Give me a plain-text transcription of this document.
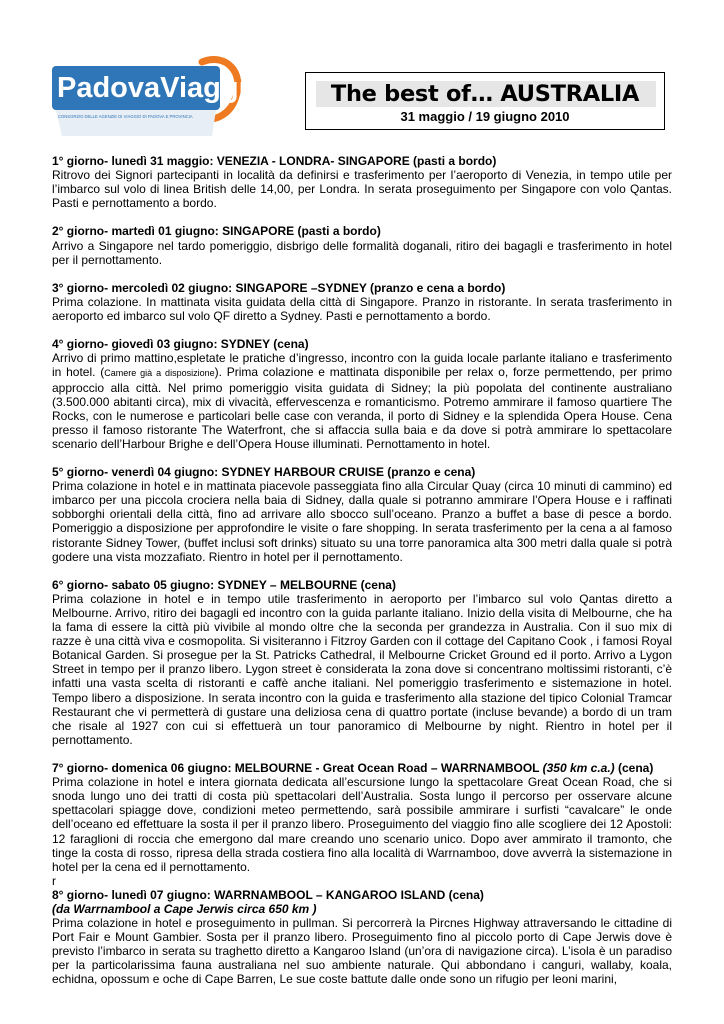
PadovaViaggi
CONSORZIO DELLE AGENZIE DI VIAGGIO DI PADOVA E PROVINCIA
The best of… AUSTRALIA
31 maggio / 19 giugno 2010
1° giorno- lunedì 31 maggio: VENEZIA - LONDRA- SINGAPORE (pasti a bordo)
Ritrovo dei Signori partecipanti in località da definirsi e trasferimento per l’aeroporto di Venezia, in tempo utile per l’imbarco sul volo di linea British delle 14,00, per Londra. In serata proseguimento per Singapore con volo Qantas. Pasti e pernottamento a bordo.
2° giorno- martedì 01 giugno: SINGAPORE (pasti a bordo)
Arrivo a Singapore nel tardo pomeriggio, disbrigo delle formalità doganali, ritiro dei bagagli e trasferimento in hotel per il pernottamento.
3° giorno- mercoledì 02 giugno: SINGAPORE –SYDNEY (pranzo e cena a bordo)
Prima colazione. In mattinata visita guidata della città di Singapore. Pranzo in ristorante. In serata trasferimento in aeroporto ed imbarco sul volo QF diretto a Sydney. Pasti e pernottamento a bordo.
4° giorno- giovedì 03 giugno: SYDNEY (cena)
Arrivo di primo mattino,espletate le pratiche d’ingresso, incontro con la guida locale parlante italiano e trasferimento in hotel. (Camere già a disposizione). Prima colazione e mattinata disponibile per relax o, forze permettendo, per primo approccio alla città. Nel primo pomeriggio visita guidata di Sidney; la più popolata del continente australiano (3.500.000 abitanti circa), mix di vivacità, effervescenza e romanticismo. Potremo ammirare il famoso quartiere The Rocks, con le numerose e particolari belle case con veranda, il porto di Sidney e la splendida Opera House. Cena presso il famoso ristorante The Waterfront, che si affaccia sulla baia e da dove si potrà ammirare lo spettacolare scenario dell’Harbour Brighe e dell’Opera House illuminati. Pernottamento in hotel.
5° giorno- venerdì 04 giugno: SYDNEY HARBOUR CRUISE (pranzo e cena)
Prima colazione in hotel e in mattinata piacevole passeggiata fino alla Circular Quay (circa 10 minuti di cammino) ed imbarco per una piccola crociera nella baia di Sidney, dalla quale si potranno ammirare l’Opera House e i raffinati sobborghi orientali della città, fino ad arrivare allo sbocco sull’oceano. Pranzo a buffet a base di pesce a bordo. Pomeriggio a disposizione per approfondire le visite o fare shopping. In serata trasferimento per la cena a al famoso ristorante Sidney Tower, (buffet inclusi soft drinks) situato su una torre panoramica alta 300 metri dalla quale si potrà godere una vista mozzafiato. Rientro in hotel per il pernottamento.
6° giorno- sabato 05 giugno: SYDNEY – MELBOURNE (cena)
Prima colazione in hotel e in tempo utile trasferimento in aeroporto per l’imbarco sul volo Qantas diretto a Melbourne. Arrivo, ritiro dei bagagli ed incontro con la guida parlante italiano. Inizio della visita di Melbourne, che ha la fama di essere la città più vivibile al mondo oltre che la seconda per grandezza in Australia. Con il suo mix di razze è una città viva e cosmopolita. Si visiteranno i Fitzroy Garden con il cottage del Capitano Cook , i famosi Royal Botanical Garden. Si prosegue per la St. Patricks Cathedral, il Melbourne Cricket Ground ed il porto. Arrivo a Lygon Street in tempo per il pranzo libero. Lygon street è considerata la zona dove si concentrano moltissimi ristoranti, c’è infatti una vasta scelta di ristoranti e caffè anche italiani. Nel pomeriggio trasferimento e sistemazione in hotel. Tempo libero a disposizione. In serata incontro con la guida e trasferimento alla stazione del tipico Colonial Tramcar Restaurant che vi permetterà di gustare una deliziosa cena di quattro portate (incluse bevande) a bordo di un tram che risale al 1927 con cui si effettuerà un tour panoramico di Melbourne by night. Rientro in hotel per il pernottamento.
7° giorno- domenica 06 giugno: MELBOURNE - Great Ocean Road – WARRNAMBOOL (350 km c.a.) (cena)
Prima colazione in hotel e intera giornata dedicata all’escursione lungo la spettacolare Great Ocean Road, che si snoda lungo uno dei tratti di costa più spettacolari dell’Australia. Sosta lungo il percorso per osservare alcune spettacolari spiagge dove, condizioni meteo permettendo, sarà possibile ammirare i surfisti “cavalcare” le onde dell’oceano ed effettuare la sosta il per il pranzo libero. Proseguimento del viaggio fino alle scogliere dei 12 Apostoli: 12 faraglioni di roccia che emergono dal mare creando uno scenario unico. Dopo aver ammirato il tramonto, che tinge la costa di rosso, ripresa della strada costiera fino alla località di Warrnamboo, dove avverrà la sistemazione in hotel per la cena ed il pernottamento.
r
8° giorno- lunedì 07 giugno: WARRNAMBOOL – KANGAROO ISLAND (cena)
(da Warrnambool a Cape Jerwis circa 650 km )
Prima colazione in hotel e proseguimento in pullman. Si percorrerà la Pircnes Highway attraversando le cittadine di Port Fair e Mount Gambier. Sosta per il pranzo libero. Proseguimento fino al piccolo porto di Cape Jerwis dove è previsto l’imbarco in serata su traghetto diretto a Kangaroo Island (un’ora di navigazione circa). L’isola è un paradiso per la particolarissima fauna australiana nel suo ambiente naturale. Qui abbondano i canguri, wallaby, koala, echidna, opossum e oche di Cape Barren, Le sue coste battute dalle onde sono un rifugio per leoni marini,
